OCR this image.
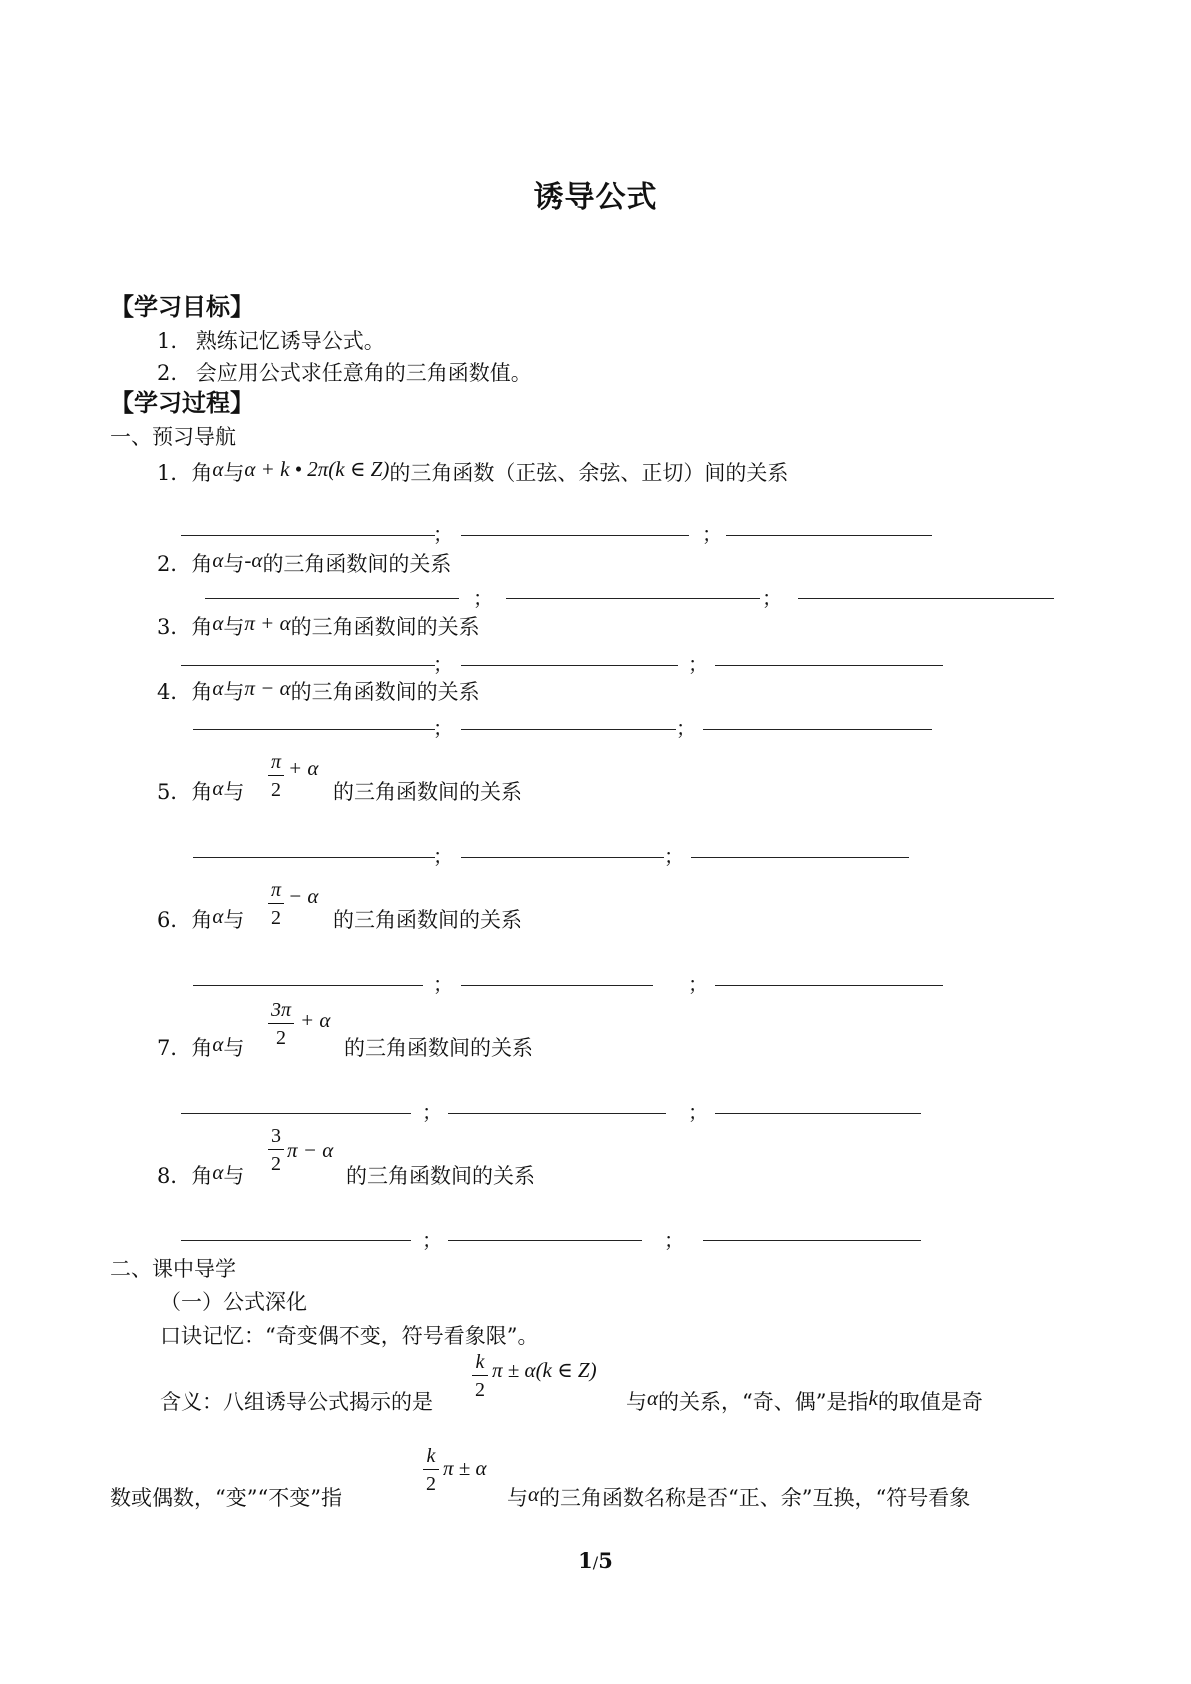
诱导公式
【学习目标】
1. 熟练记忆诱导公式。
2. 会应用公式求任意角的三角函数值。
【学习过程】
一、预习导航
1．角α与α + k • 2π(k ∈ Z)的三角函数（正弦、余弦、正切）间的关系
；	；
2．角α与-α的三角函数间的关系
；	；
3．角α与π + α的三角函数间的关系
；	；
4．角α与π − α的三角函数间的关系
；	；
5．角α与
π
2
+ α
的三角函数间的关系
；	；
6．角α与
π
2
− α
的三角函数间的关系
；	；
7．角α与
3π
2
+ α
的三角函数间的关系
；	；
8．角α与
3
2
π − α
的三角函数间的关系
；	；
二、课中导学
（一）公式深化
口诀记忆：“奇变偶不变，符号看象限”。
含义：八组诱导公式揭示的是
k
2
π ± α(k ∈ Z)
与α的关系，“奇、偶”是指k的取值是奇
数或偶数，“变”“不变”指
k
2
π ± α
与α的三角函数名称是否“正、余”互换，“符号看象
1/5
